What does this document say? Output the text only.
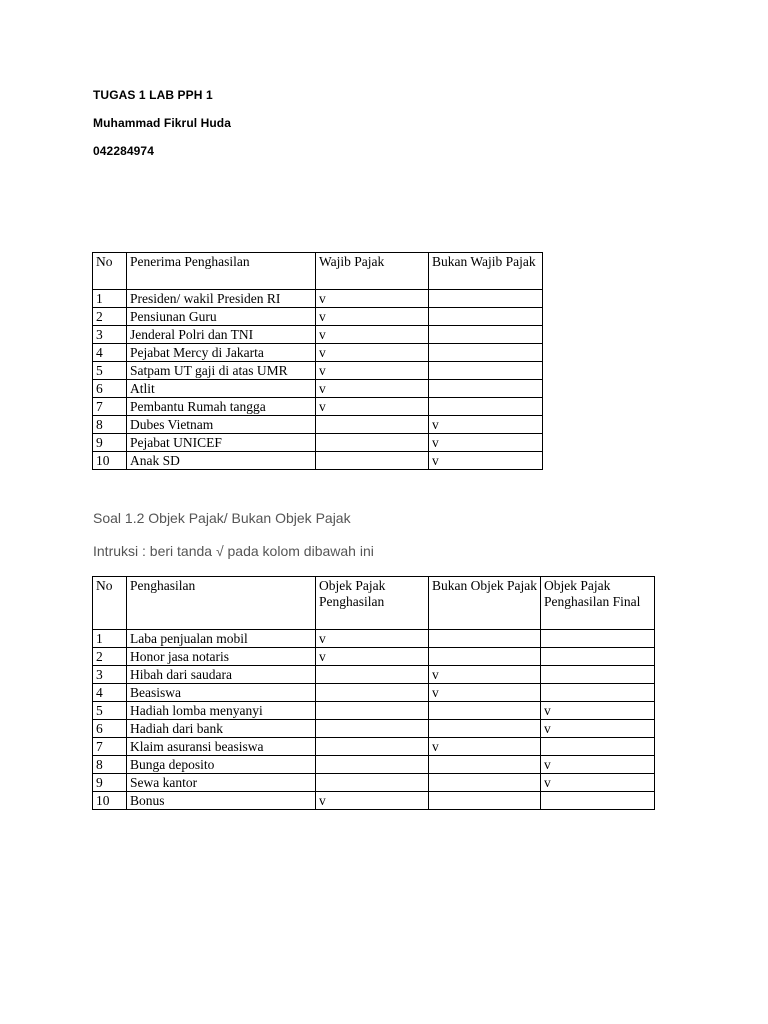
TUGAS 1 LAB PPH 1
Muhammad Fikrul Huda
042284974
No	Penerima Penghasilan	Wajib Pajak	Bukan Wajib Pajak
1	Presiden/ wakil Presiden RI	v	
2	Pensiunan Guru	v	
3	Jenderal Polri dan TNI	v	
4	Pejabat Mercy di Jakarta	v	
5	Satpam UT gaji di atas UMR	v	
6	Atlit	v	
7	Pembantu Rumah tangga	v	
8	Dubes Vietnam		v
9	Pejabat UNICEF		v
10	Anak SD		v
Soal 1.2 Objek Pajak/ Bukan Objek Pajak
Intruksi : beri tanda √ pada kolom dibawah ini
No	Penghasilan	Objek Pajak Penghasilan	Bukan Objek Pajak	Objek Pajak Penghasilan Final
1	Laba penjualan mobil	v		
2	Honor jasa notaris	v		
3	Hibah dari saudara		v	
4	Beasiswa		v	
5	Hadiah lomba menyanyi			v
6	Hadiah dari bank			v
7	Klaim asuransi beasiswa		v	
8	Bunga deposito			v
9	Sewa kantor			v
10	Bonus	v		
